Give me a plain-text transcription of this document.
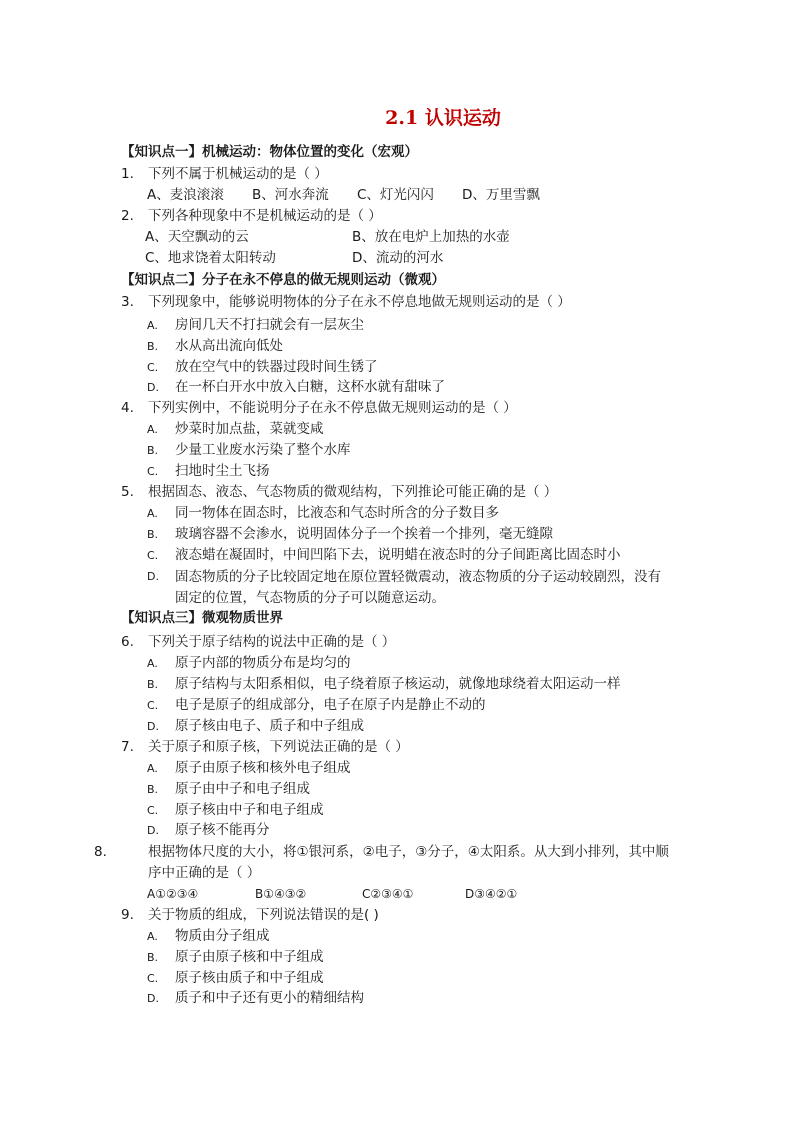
2.1 认识运动
【知识点一】机械运动：物体位置的变化（宏观）
1. 下列不属于机械运动的是（ ）
A、麦浪滚滚 B、河水奔流 C、灯光闪闪 D、万里雪飘
2. 下列各种现象中不是机械运动的是（ ）
A、天空飘动的云	B、放在电炉上加热的水壶
C、地求饶着太阳转动	D、流动的河水
【知识点二】分子在永不停息的做无规则运动（微观）
3. 下列现象中，能够说明物体的分子在永不停息地做无规则运动的是（ ）
A. 房间几天不打扫就会有一层灰尘
B. 水从高出流向低处
C. 放在空气中的铁器过段时间生锈了
D. 在一杯白开水中放入白糖，这杯水就有甜味了
4. 下列实例中，不能说明分子在永不停息做无规则运动的是（ ）
A. 炒菜时加点盐，菜就变咸
B. 少量工业废水污染了整个水库
C. 扫地时尘土飞扬
5. 根据固态、液态、气态物质的微观结构，下列推论可能正确的是（ ）
A. 同一物体在固态时，比液态和气态时所含的分子数目多
B. 玻璃容器不会渗水，说明固体分子一个挨着一个排列，毫无缝隙
C. 液态蜡在凝固时，中间凹陷下去，说明蜡在液态时的分子间距离比固态时小
D. 固态物质的分子比较固定地在原位置轻微震动，液态物质的分子运动较剧烈，没有固定的位置，气态物质的分子可以随意运动。
【知识点三】微观物质世界
6. 下列关于原子结构的说法中正确的是（ ）
A. 原子内部的物质分布是均匀的
B. 原子结构与太阳系相似，电子绕着原子核运动，就像地球绕着太阳运动一样
C. 电子是原子的组成部分，电子在原子内是静止不动的
D. 原子核由电子、质子和中子组成
7. 关于原子和原子核，下列说法正确的是（ ）
A. 原子由原子核和核外电子组成
B. 原子由中子和电子组成
C. 原子核由中子和电子组成
D. 原子核不能再分
8.	根据物体尺度的大小，将①银河系，②电子，③分子，④太阳系。从大到小排列，其中顺序中正确的是（ ）
A①②③④	B①④③②	C②③④①	D③④②①
9. 关于物质的组成，下列说法错误的是( )
A. 物质由分子组成
B. 原子由原子核和中子组成
C. 原子核由质子和中子组成
D. 质子和中子还有更小的精细结构
